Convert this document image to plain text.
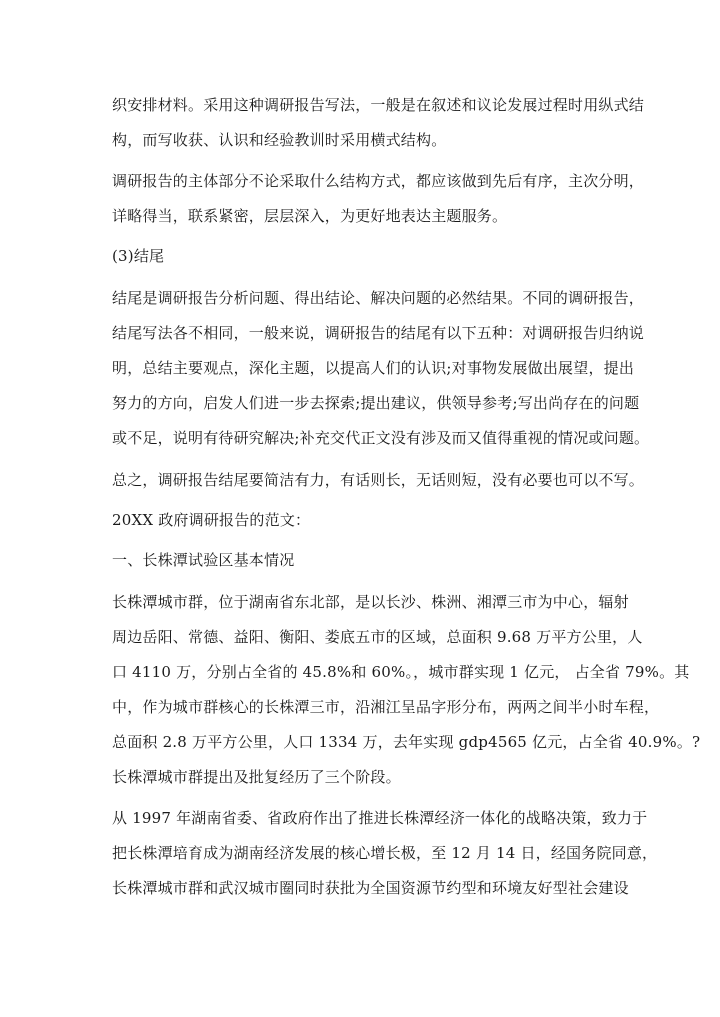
织安排材料。采用这种调研报告写法，一般是在叙述和议论发展过程时用纵式结
构，而写收获、认识和经验教训时采用横式结构。
调研报告的主体部分不论采取什么结构方式，都应该做到先后有序，主次分明，
详略得当，联系紧密，层层深入，为更好地表达主题服务。
(3)结尾
结尾是调研报告分析问题、得出结论、解决问题的必然结果。不同的调研报告，
结尾写法各不相同，一般来说，调研报告的结尾有以下五种：对调研报告归纳说
明，总结主要观点，深化主题，以提高人们的认识;对事物发展做出展望，提出
努力的方向，启发人们进一步去探索;提出建议，供领导参考;写出尚存在的问题
或不足，说明有待研究解决;补充交代正文没有涉及而又值得重视的情况或问题。
总之，调研报告结尾要简洁有力，有话则长，无话则短，没有必要也可以不写。
20XX 政府调研报告的范文：
一、长株潭试验区基本情况
长株潭城市群，位于湖南省东北部，是以长沙、株洲、湘潭三市为中心，辐射
周边岳阳、常德、益阳、衡阳、娄底五市的区域，总面积 9.68 万平方公里，人
口 4110 万，分别占全省的 45.8%和 60%。，城市群实现 1 亿元， 占全省 79%。其
中，作为城市群核心的长株潭三市，沿湘江呈品字形分布，两两之间半小时车程，
总面积 2.8 万平方公里，人口 1334 万，去年实现 gdp4565 亿元，占全省 40.9%。?
长株潭城市群提出及批复经历了三个阶段。
从 1997 年湖南省委、省政府作出了推进长株潭经济一体化的战略决策，致力于
把长株潭培育成为湖南经济发展的核心增长极，至 12 月 14 日，经国务院同意，
长株潭城市群和武汉城市圈同时获批为全国资源节约型和环境友好型社会建设
